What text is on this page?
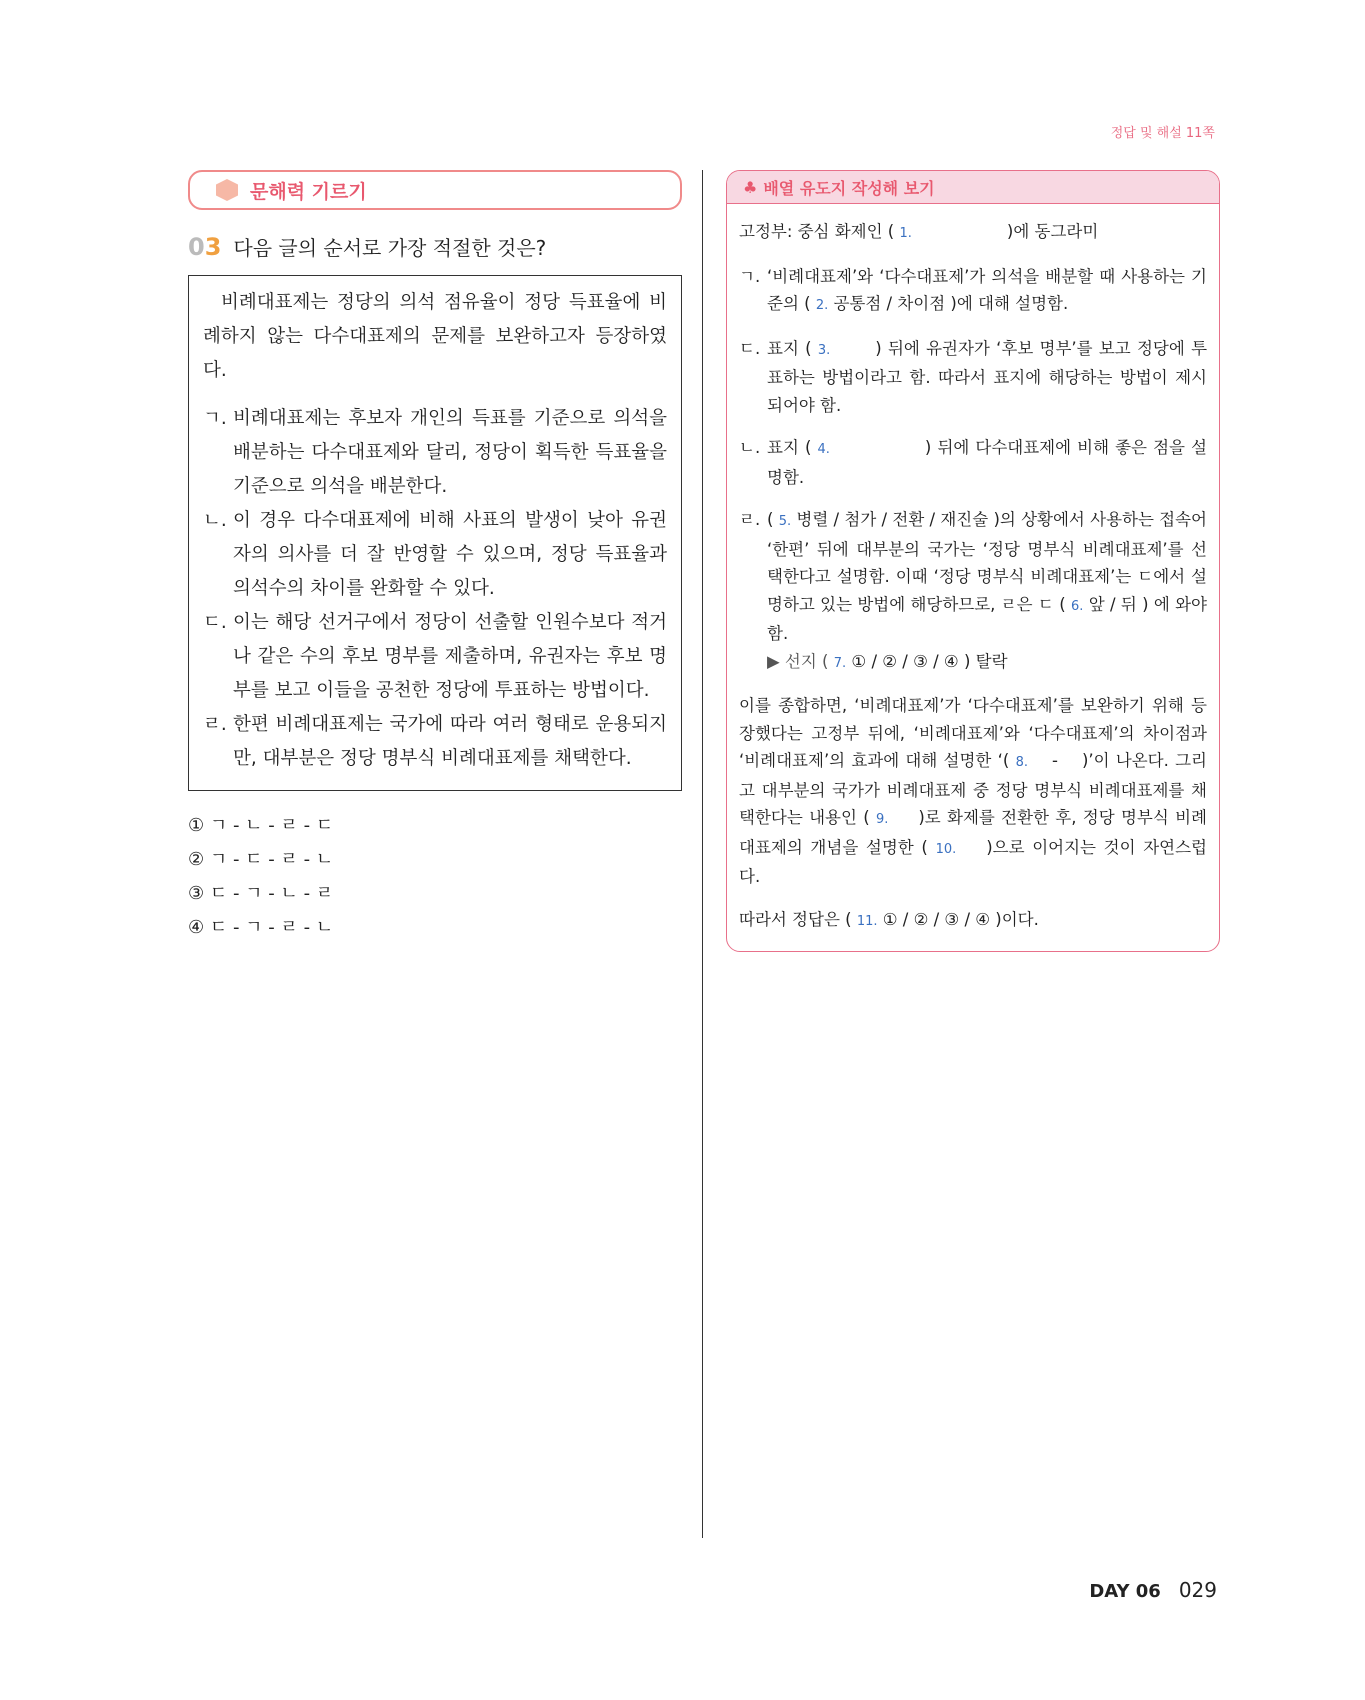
정답 및 해설 11쪽
문해력 기르기
03 다음 글의 순서로 가장 적절한 것은?
비례대표제는 정당의 의석 점유율이 정당 득표율에 비례하지 않는 다수대표제의 문제를 보완하고자 등장하였다.
ㄱ. 비례대표제는 후보자 개인의 득표를 기준으로 의석을 배분하는 다수대표제와 달리, 정당이 획득한 득표율을 기준으로 의석을 배분한다.
ㄴ. 이 경우 다수대표제에 비해 사표의 발생이 낮아 유권자의 의사를 더 잘 반영할 수 있으며, 정당 득표율과 의석수의 차이를 완화할 수 있다.
ㄷ. 이는 해당 선거구에서 정당이 선출할 인원수보다 적거나 같은 수의 후보 명부를 제출하며, 유권자는 후보 명부를 보고 이들을 공천한 정당에 투표하는 방법이다.
ㄹ. 한편 비례대표제는 국가에 따라 여러 형태로 운용되지만, 대부분은 정당 명부식 비례대표제를 채택한다.
① ㄱ - ㄴ - ㄹ - ㄷ
② ㄱ - ㄷ - ㄹ - ㄴ
③ ㄷ - ㄱ - ㄴ - ㄹ
④ ㄷ - ㄱ - ㄹ - ㄴ
♣ 배열 유도지 작성해 보기

고정부: 중심 화제인 ( 1.	)에 동그라미

ㄱ. ‘비례대표제’와 ‘다수대표제’가 의석을 배분할 때 사용하는 기준의 ( 2. 공통점 / 차이점 )에 대해 설명함.
ㄷ. 표지 ( 3.	) 뒤에 유권자가 ‘후보 명부’를 보고 정당에 투표하는 방법이라고 함. 따라서 표지에 해당하는 방법이 제시되어야 함.
ㄴ. 표지 ( 4.	) 뒤에 다수대표제에 비해 좋은 점을 설명함.
ㄹ. ( 5. 병렬 / 첨가 / 전환 / 재진술 )의 상황에서 사용하는 접속어 ‘한편’ 뒤에 대부분의 국가는 ‘정당 명부식 비례대표제’를 선택한다고 설명함. 이때 ‘정당 명부식 비례대표제’는 ㄷ에서 설명하고 있는 방법에 해당하므로, ㄹ은 ㄷ ( 6. 앞 / 뒤 ) 에 와야 함.
▶ 선지 ( 7. ① / ② / ③ / ④ ) 탈락

이를 종합하면, ‘비례대표제’가 ‘다수대표제’를 보완하기 위해 등장했다는 고정부 뒤에, ‘비례대표제’와 ‘다수대표제’의 차이점과 ‘비례대표제’의 효과에 대해 설명한 ‘( 8. - )’이 나온다. 그리고 대부분의 국가가 비례대표제 중 정당 명부식 비례대표제를 채택한다는 내용인 ( 9. )로 화제를 전환한 후, 정당 명부식 비례대표제의 개념을 설명한 ( 10. )으로 이어지는 것이 자연스럽다.

따라서 정답은 ( 11. ① / ② / ③ / ④ )이다.

DAY 06 029
